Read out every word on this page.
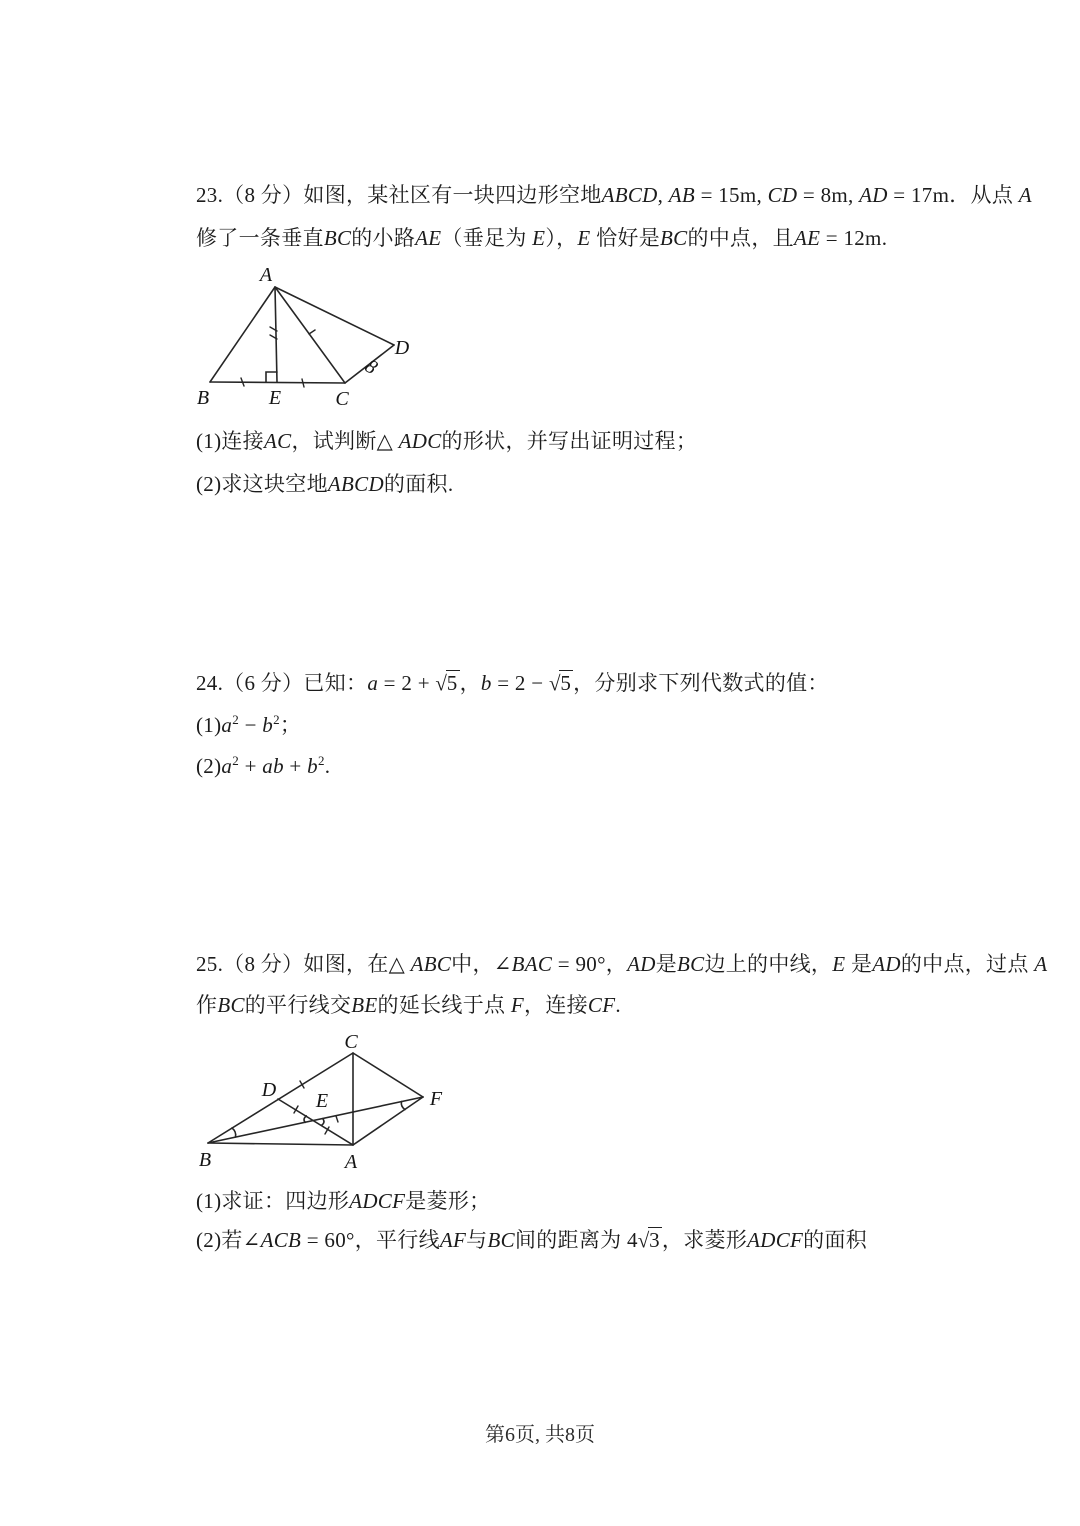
23.（8 分）如图，某社区有一块四边形空地ABCD, AB = 15m, CD = 8m, AD = 17m．从点 A
修了一条垂直BC的小路AE（垂足为 E），E 恰好是BC的中点，且AE = 12m.
A
B	E	C
D
8
(1)连接AC，试判断△ ADC的形状，并写出证明过程；
(2)求这块空地ABCD的面积.
24.（6 分）已知：a = 2 + √5，b = 2 − √5，分别求下列代数式的值：
$(1)a^2 - b^2$；
$(2)a^2$ + ab + $b^2$.
25.（8 分）如图，在△ ABC中，∠BAC = 90°，AD是BC边上的中线，E 是AD的中点，过点 A
作BC的平行线交BE的延长线于点 F，连接CF.
C
B	A
F
D E
(1)求证：四边形ADCF是菱形；
(2)若∠ACB = 60°，平行线AF与BC间的距离为 4√3，求菱形ADCF的面积
第6页, 共8页
